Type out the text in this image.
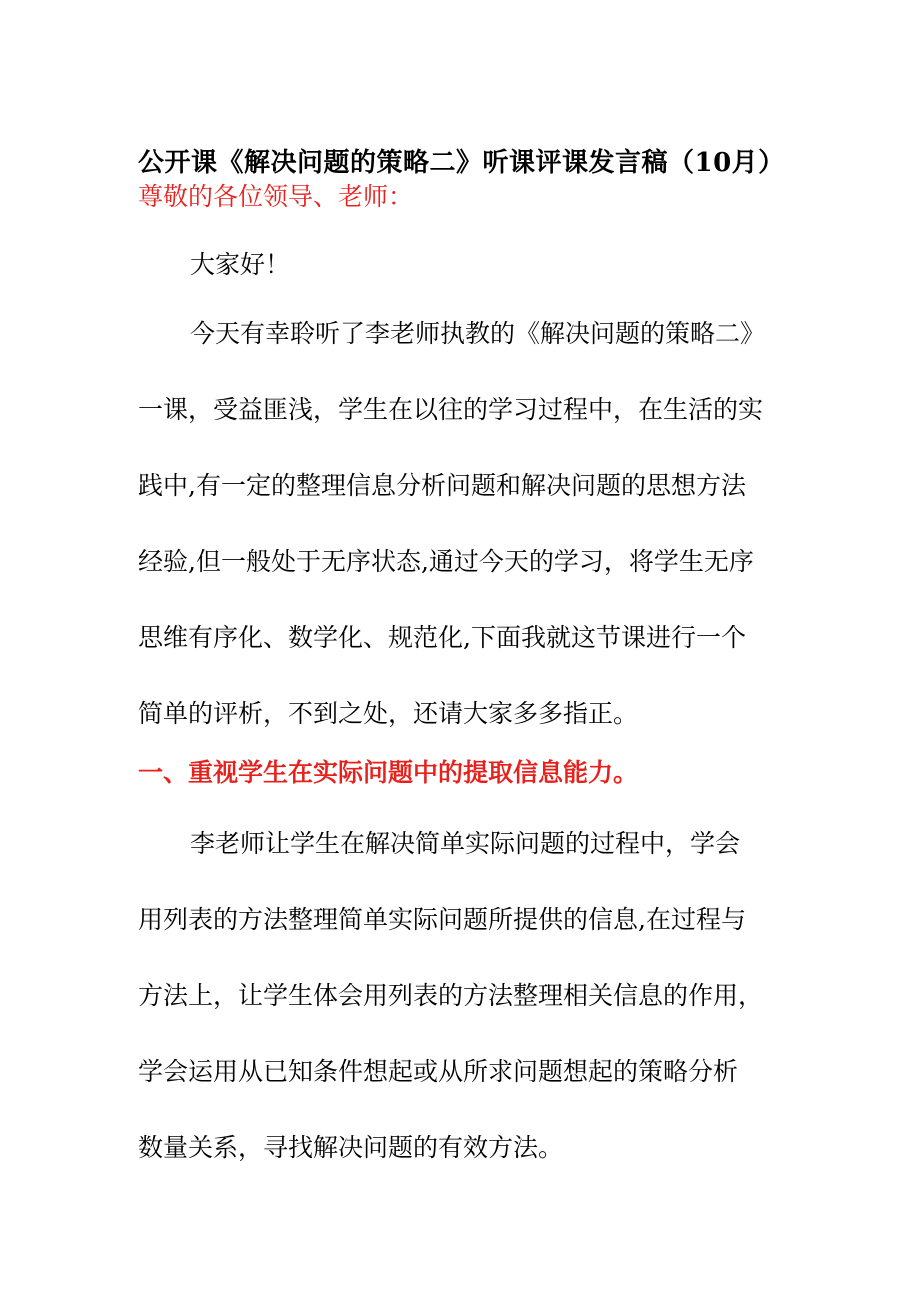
公开课《解决问题的策略二》听课评课发言稿（10月）
尊敬的各位领导、老师：
大家好！
今天有幸聆听了李老师执教的《解决问题的策略二》
一课，受益匪浅，学生在以往的学习过程中，在生活的实
践中,有一定的整理信息分析问题和解决问题的思想方法
经验,但一般处于无序状态,通过今天的学习，将学生无序
思维有序化、数学化、规范化,下面我就这节课进行一个
简单的评析，不到之处，还请大家多多指正。
一、重视学生在实际问题中的提取信息能力。
李老师让学生在解决简单实际问题的过程中，学会
用列表的方法整理简单实际问题所提供的信息,在过程与
方法上，让学生体会用列表的方法整理相关信息的作用，
学会运用从已知条件想起或从所求问题想起的策略分析
数量关系，寻找解决问题的有效方法。
